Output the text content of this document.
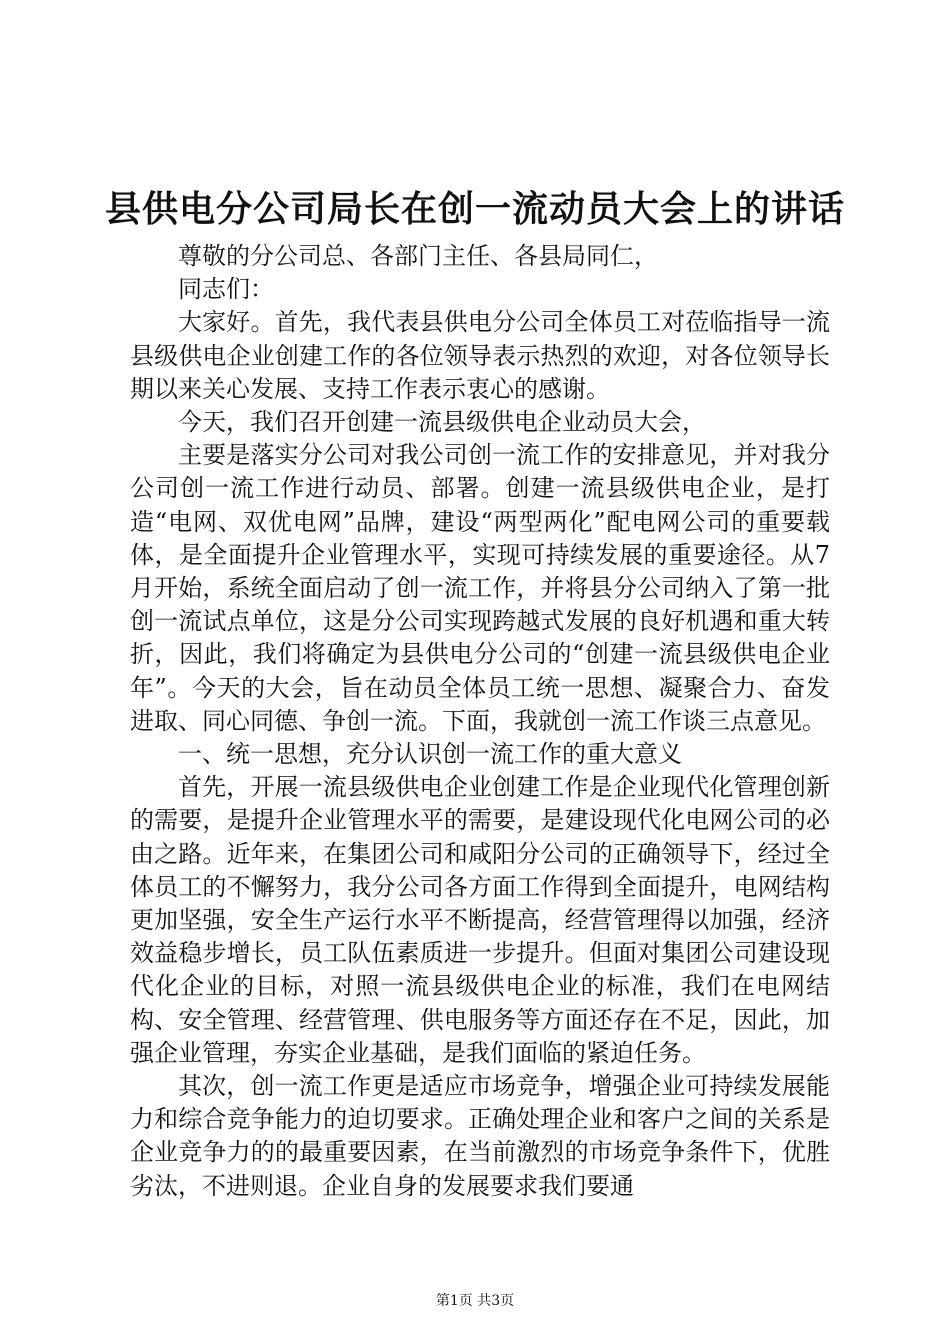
县供电分公司局长在创一流动员大会上的讲话

尊敬的分公司总、各部门主任、各县局同仁，

同志们：

大家好。首先，我代表县供电分公司全体员工对莅临指导一流县级供电企业创建工作的各位领导表示热烈的欢迎，对各位领导长期以来关心发展、支持工作表示衷心的感谢。

今天，我们召开创建一流县级供电企业动员大会，

主要是落实分公司对我公司创一流工作的安排意见，并对我分公司创一流工作进行动员、部署。创建一流县级供电企业，是打造“电网、双优电网”品牌，建设“两型两化”配电网公司的重要载体，是全面提升企业管理水平，实现可持续发展的重要途径。从7月开始，系统全面启动了创一流工作，并将县分公司纳入了第一批创一流试点单位，这是分公司实现跨越式发展的良好机遇和重大转折，因此，我们将确定为县供电分公司的“创建一流县级供电企业年”。今天的大会，旨在动员全体员工统一思想、凝聚合力、奋发进取、同心同德、争创一流。下面，我就创一流工作谈三点意见。

一、统一思想，充分认识创一流工作的重大意义

首先，开展一流县级供电企业创建工作是企业现代化管理创新的需要，是提升企业管理水平的需要，是建设现代化电网公司的必由之路。近年来，在集团公司和咸阳分公司的正确领导下，经过全体员工的不懈努力，我分公司各方面工作得到全面提升，电网结构更加坚强，安全生产运行水平不断提高，经营管理得以加强，经济效益稳步增长，员工队伍素质进一步提升。但面对集团公司建设现代化企业的目标，对照一流县级供电企业的标准，我们在电网结构、安全管理、经营管理、供电服务等方面还存在不足，因此，加强企业管理，夯实企业基础，是我们面临的紧迫任务。

其次，创一流工作更是适应市场竞争，增强企业可持续发展能力和综合竞争能力的迫切要求。正确处理企业和客户之间的关系是企业竞争力的的最重要因素，在当前激烈的市场竞争条件下，优胜劣汰，不进则退。企业自身的发展要求我们要通

第1页 共3页
